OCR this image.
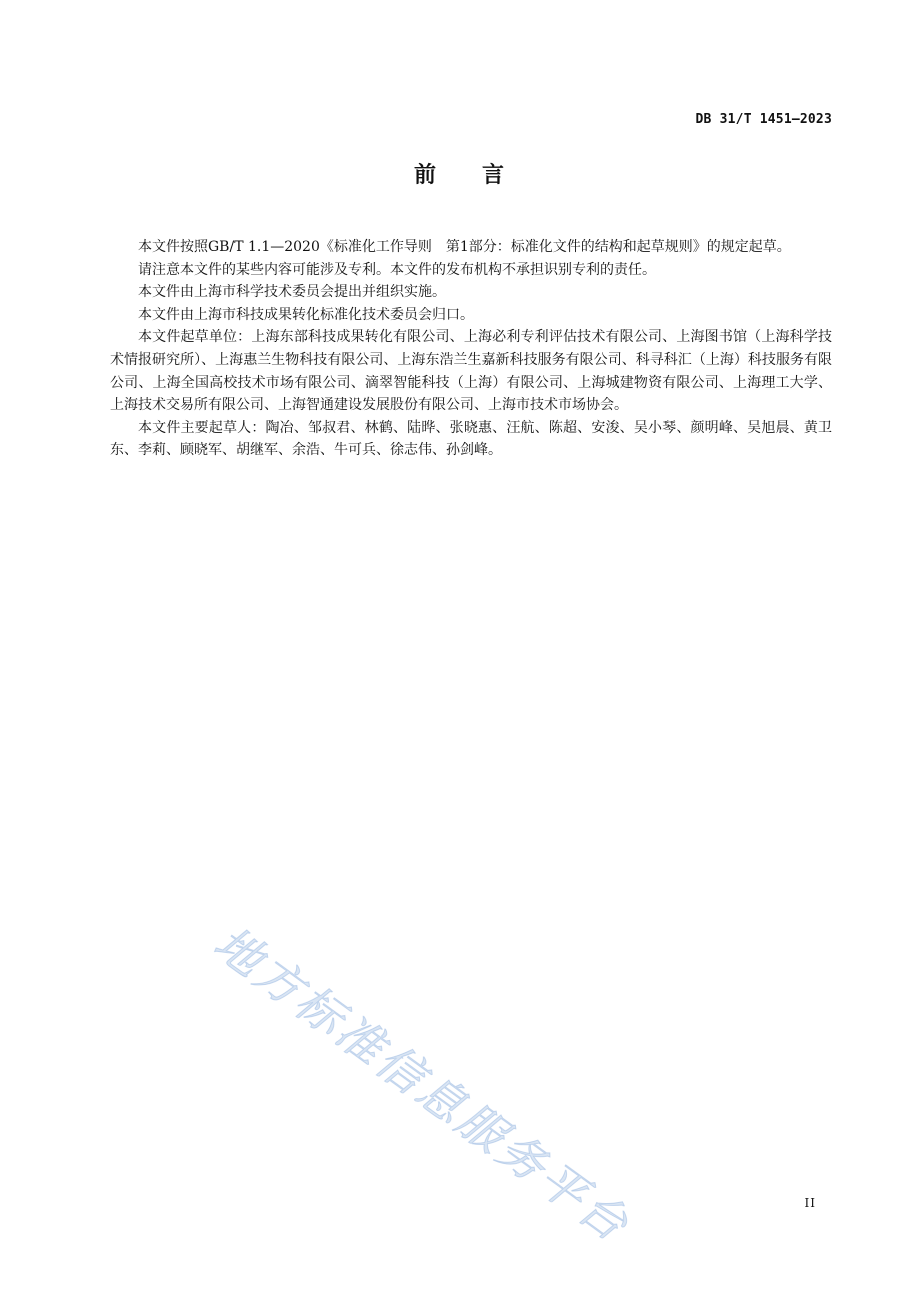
DB 31/T 1451—2023
前 言

本文件按照GB/T 1.1—2020《标准化工作导则　第1部分：标准化文件的结构和起草规则》的规定起草。

请注意本文件的某些内容可能涉及专利。本文件的发布机构不承担识别专利的责任。

本文件由上海市科学技术委员会提出并组织实施。

本文件由上海市科技成果转化标准化技术委员会归口。

本文件起草单位：上海东部科技成果转化有限公司、上海必利专利评估技术有限公司、上海图书馆（上海科学技术情报研究所）、上海惠兰生物科技有限公司、上海东浩兰生嘉新科技服务有限公司、科寻科汇（上海）科技服务有限公司、上海全国高校技术市场有限公司、滴翠智能科技（上海）有限公司、上海城建物资有限公司、上海理工大学、上海技术交易所有限公司、上海智通建设发展股份有限公司、上海市技术市场协会。

本文件主要起草人：陶冶、邹叔君、林鹤、陆晔、张晓惠、汪航、陈超、安浚、吴小琴、颜明峰、吴旭晨、黄卫东、李莉、顾晓军、胡继军、余浩、牛可兵、徐志伟、孙剑峰。

地方标准信息服务平台	II
